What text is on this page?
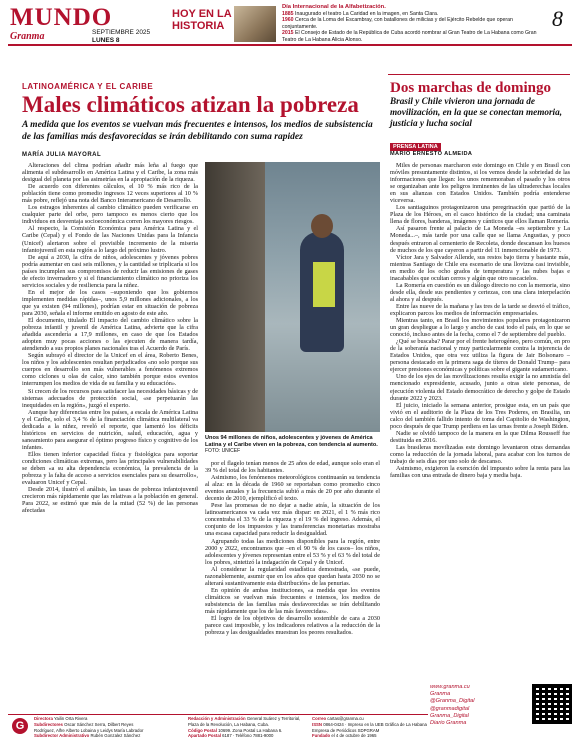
MUNDO
Granma	SEPTIEMBRE 2025
LUNES 8
HOY EN LA HISTORIA
Día Internacional de la Alfabetización.
1885 Inaugurado el teatro La Caridad en la imagen, en Santa Clara.
1960 Cerca de la Loma del Escambray, con batallones de milicias y del Ejército Rebelde que operan conjuntamente.
2015 El Consejo de Estado de la República de Cuba acordó nombrar al Gran Teatro de La Habana como Gran Teatro de La Habana Alicia Alonso.
8
LATINOAMÉRICA Y EL CARIBE
Males climáticos atizan la pobreza
A medida que los eventos se vuelvan más frecuentes e intensos, los medios de subsistencia de las familias más desfavorecidas se irán debilitando con suma rapidez
MARÍA JULIA MAYORAL

Alteraciones del clima podrían añadir más leña al fuego que alimenta el subdesarrollo en América Latina y el Caribe, la zona más desigual del planeta por las asimetrías en la apropiación de la riqueza.

De acuerdo con diferentes cálculos, el 10 % más rico de la población tiene como promedio ingresos 12 veces superiores al 10 % más pobre, reflejó una nota del Banco Interamericano de Desarrollo.

Los estragos inherentes al cambio climático pueden verificarse en cualquier parte del orbe, pero tampoco es menos cierto que los individuos en desventaja socioeconómica corren los mayores riesgos.

Al respecto, la Comisión Económica para América Latina y el Caribe (Cepal) y el Fondo de las Naciones Unidas para la Infancia (Unicef) alertaron sobre el previsible incremento de la miseria infantojuvenil en esta región a lo largo del próximo lustro.

De aquí a 2030, la cifra de niños, adolescentes y jóvenes pobres podría aumentar en casi seis millones, y la cantidad se triplicaría si los países incumplen sus compromisos de reducir las emisiones de gases de efecto invernadero y si el financiamiento climático no prioriza los servicios sociales y de resiliencia para la niñez.

En el mejor de los casos –suponiendo que los gobiernos implementen medidas rápidas–, unos 5,9 millones adicionales, a los que ya existen (94 millones), podrían estar en situación de pobreza para 2030, señala el informe emitido en agosto de este año.

El documento, titulado El impacto del cambio climático sobre la pobreza infantil y juvenil de América Latina, advierte que la cifra añadida ascendería a 17,9 millones, en caso de que los Estados adopten muy pocas acciones o las ejecuten de manera tardía, atendiendo a sus propios planes nacionales tras el Acuerdo de París.

Según subrayó el director de la Unicef en el área, Roberto Benes, los niños y los adolescentes resultan perjudicados «no solo porque sus cuerpos en desarrollo son más vulnerables a fenómenos extremos como ciclones u olas de calor, sino también porque estos eventos interrumpen los medios de vida de su familia y su educación».

Si crecen de los recursos para satisfacer las necesidades básicas y de sistemas adecuados de protección social, «se perpetuarán las inequidades en la región», juzgó el experto.

Aunque hay diferencias entre los países, a escala de América Latina y el Caribe, solo el 3,4 % de la financiación climática multilateral va dedicada a la niñez, reveló el reporte, que lamentó los déficits históricos en servicios de nutrición, salud, educación, agua y saneamiento para asegurar el óptimo progreso físico y cognitivo de los infantes.

Ellos tienen inferior capacidad física y fisiológica para soportar condiciones climáticas extremas, pero las principales vulnerabilidades se deben «a su alta dependencia económica, la prevalencia de la pobreza y la falta de acceso a servicios esenciales para su desarrollo», evaluaron Unicef y Cepal.

Desde 2014, ilustró el análisis, las tasas de pobreza infantojuvenil crecieron más rápidamente que las relativas a la población en general. Para 2022, se estimó que más de la mitad (52 %) de las personas afectadas

Unos 94 millones de niños, adolescentes y jóvenes de América Latina y el Caribe viven en la pobreza, con tendencia al aumento. FOTO: UNICEF

por el flagelo tenían menos de 25 años de edad, aunque solo eran el 39 % del total de los habitantes.

Asimismo, los fenómenos meteorológicos continuarán su tendencia al alza: en la década de 1960 se reportaban como promedio cinco eventos anuales y la frecuencia subió a más de 20 por año durante el decenio de 2010, ejemplificó el texto.

Pese las promesas de no dejar a nadie atrás, la situación de los latinoamericanos va cada vez más dispar: en 2021, el 1 % más rico concentraba el 33 % de la riqueza y el 19 % del ingreso. Además, el conjunto de los impuestos y las transferencias monetarias mostraba una escasa capacidad para reducir la desigualdad.

Agrupando todas las mediciones disponibles para la región, entre 2000 y 2022, encontramos que –en el 90 % de los casos– los niños, adolescentes y jóvenes representan entre el 53 % y el 63 % del total de los pobres, sintetizó la indagación de Cepal y de Unicef.

Al considerar la regularidad estadística demostrada, «se puede, razonablemente, asumir que en los años que quedan hasta 2030 no se alterará sustantivamente esta distribución» de las penurias.

En opinión de ambas instituciones, «a medida que los eventos climáticos se vuelvan más frecuentes e intensos, los medios de subsistencia de las familias más desfavorecidas se irán debilitando más rápidamente que los de las más favorecidas».

El logro de los objetivos de desarrollo sostenible de cara a 2030 parece casi imposible, y los indicadores relativos a la reducción de la pobreza y las desigualdades muestran los peores resultados.

Dos marchas de domingo
Brasil y Chile vivieron una jornada de movilización, en la que se conectan memoria, justicia y lucha social
PRENSA LATINA
MARIO ERNESTO ALMEIDA

Miles de personas marcharon este domingo en Chile y en Brasil con móviles presuntamente distintos, si los vemos desde la sobriedad de las informaciones que llegan: los unos rememoraban el pasado y los otros se organizaban ante los peligros inminentes de las ultraderechas locales en sus alianzas con Estados Unidos. También podría entenderse viceversa.

Los santiaguinos protagonizaron una peregrinación que partió de la Plaza de los Héroes, en el casco histórico de la ciudad; una caminata llena de flores, banderas, imágenes y cánticos que ellos llaman Romería.

Así pasaron frente al palacio de La Moneda –es septiembre y La Moneda...–, más tarde por una calle que se llama Angustias, y poco después entraron al cementerio de Recoleta, donde descansan los huesos de muchos de los que cayeron a partir del 11 inmencionable de 1973.

Víctor Jara y Salvador Allende, sus restos bajo tierra y bastante más, mientras Santiago de Chile era escenario de una llovizna casi invisible, en medio de los ocho grados de temperatura y las nubes bajas e inacabables que ocultan cerros y algún que otro rascacielos.

La Romería en cuestión es un diálogo directo no con la memoria, sino desde ella, desde sus pendientes y certezas, con una clara interpelación al ahora y al después.

Entre las nueve de la mañana y las tres de la tarde se desvió el tráfico, explicaron parcos los medios de información empresariales.

Mientras tanto, en Brasil los movimientos populares protagonizaron un gran despliegue a lo largo y ancho de casi todo el país, en lo que se conoció, incluso antes de la fecha, como el 7 de septiembre del pueblo.

¿Qué se buscaba? Parar por el frente heterogéneo, pero común, en pro de la soberanía nacional y muy particularmente contra la injerencia de Estados Unidos, que otra vez utiliza la figura de Jair Bolsonaro –persona destacado en la primera saga de títeres de Donald Trump– para ejercer presiones económicas y políticas sobre el gigante sudamericano.

Uno de los ejes de las movilizaciones resulta exigir la no amnistía del mencionado expresidente, acusado, junto a otras siete personas, de ejecución violenta del Estado democrático de derecho y golpe de Estado durante 2022 y 2023.

El juicio, iniciado la semana anterior, prosigue esta, en un país que vivió en el auditorio de la Plaza de los Tres Poderes, en Brasilia, un calco del también fallido intento de toma del Capitolio de Washington, poco después de que Trump perdiera en las urnas frente a Joseph Biden.

Nadie se olvidó tampoco de la manera en la que Dilma Rousseff fue destituida en 2016.

Las brasileras movilizadas este domingo levantaron otras demandas como la reducción de la jornada laboral, para acabar con los turnos de trabajo de seis días por uno solo de descanso.

Asimismo, exigieron la exención del impuesto sobre la renta para las familias con una entrada de dinero baja y media baja.

www.granma.cu
Granma
@Granma_Digital
@granmadigital
Granma_Digital
Diario Granma
G
Directora Yailin Orta Rivera
Subdirectores Oscar Sánchez Serra, Dilbert Reyes
Rodríguez, Alfre Alberto Lobaina y Leidys María Labrador
Subdirector Administrativo Rubén Gonzalez Sánchez
Redacción y Administración General Suárez y Territorial, Plaza de la Revolución, La Habana, Cuba.
Código Postal 10699. Zona Postal La Habana 6.
Apartado Postal 6187 · Teléfono 7881-9000
Correo cartas@granma.cu
ISSN 0864-0424 · Impreso en la UEB Gráfica de La Habana
Empresa de Periódicos SDPGRAM
Fundado el 4 de octubre de 1965
